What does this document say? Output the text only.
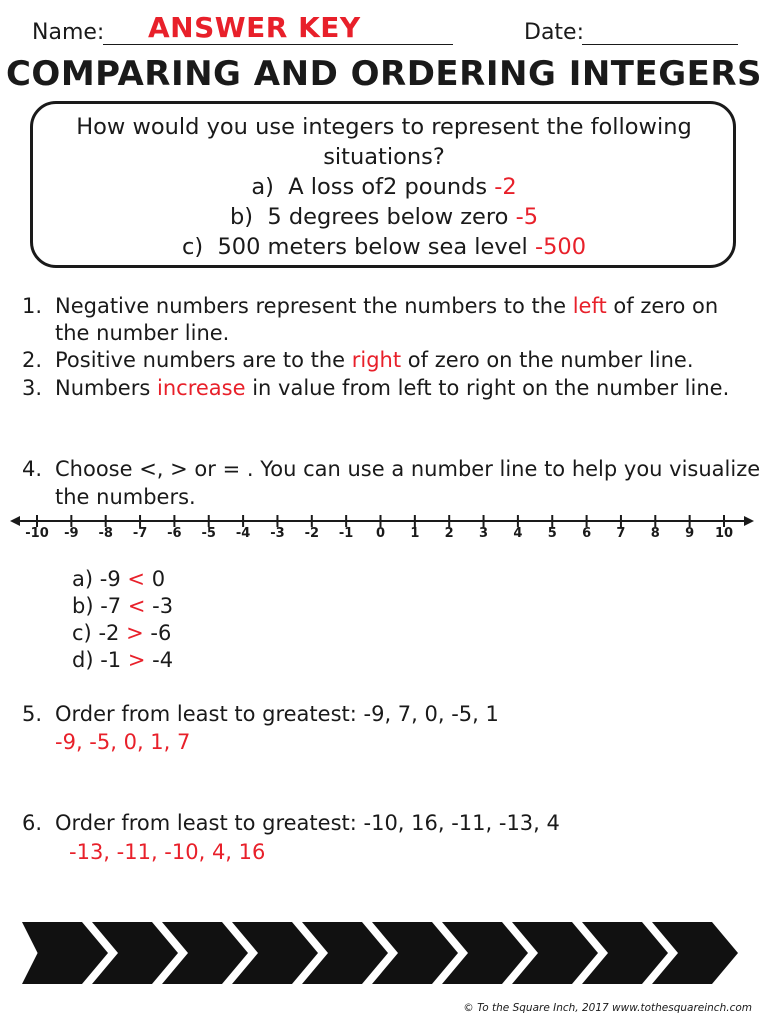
Name: ANSWER KEY	Date:
COMPARING AND ORDERING INTEGERS
How would you use integers to represent the following
situations?
a) A loss of2 pounds -2
b) 5 degrees below zero -5
c) 500 meters below sea level -500
1. Negative numbers represent the numbers to the left of zero on
the number line.
2. Positive numbers are to the right of zero on the number line.
3. Numbers increase in value from left to right on the number line.
4. Choose <, > or = . You can use a number line to help you visualize
the numbers.
-10	-9	-8	-7	-6	-5	-4	-3	-2	-1	0	1	2	3	4	5	6	7	8	9	10
a) -9 < 0
b) -7 < -3
c) -2 > -6
d) -1 > -4
5. Order from least to greatest: -9, 7, 0, -5, 1
-9, -5, 0, 1, 7
6. Order from least to greatest: -10, 16, -11, -13, 4
-13, -11, -10, 4, 16
© To the Square Inch, 2017 www.tothesquareinch.com
